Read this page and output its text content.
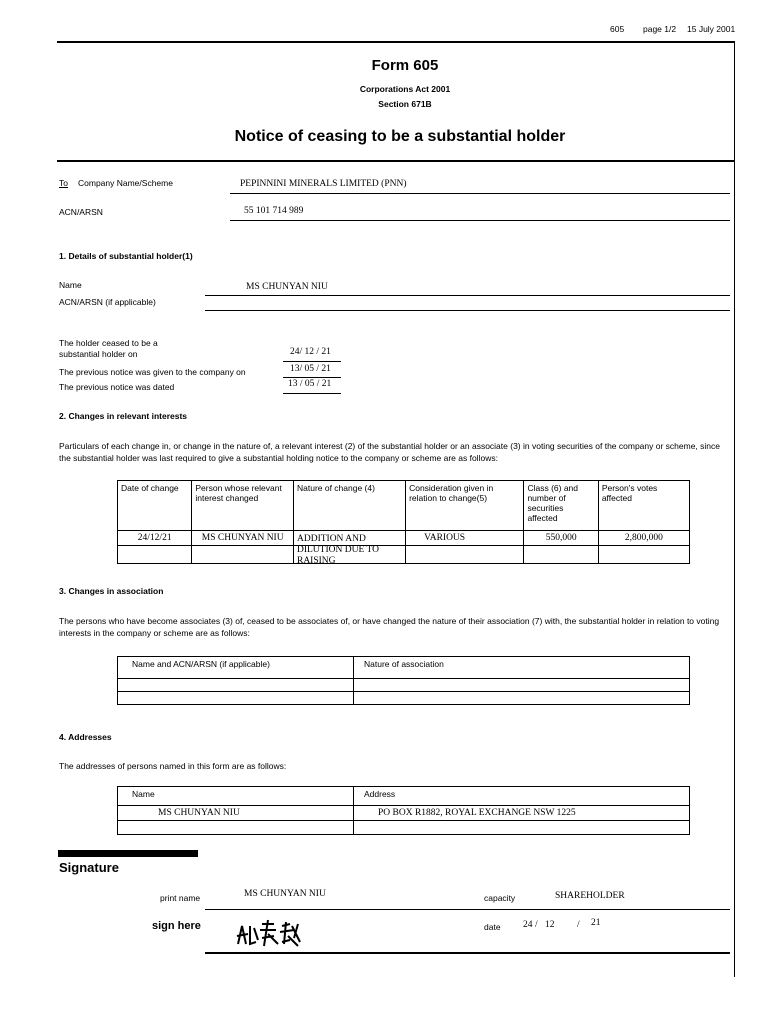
605 page 1/2 15 July 2001
Form 605
Corporations Act 2001
Section 671B
Notice of ceasing to be a substantial holder
To Company Name/Scheme	PEPINNINI MINERALS LIMITED (PNN)
ACN/ARSN	55 101 714 989
1. Details of substantial holder(1)
Name	MS CHUNYAN NIU
ACN/ARSN (if applicable)
The holder ceased to be a
substantial holder on	24/ 12 / 21
The previous notice was given to the company on	13/ 05 / 21
The previous notice was dated	13 / 05 / 21
2. Changes in relevant interests
Particulars of each change in, or change in the nature of, a relevant interest (2) of the substantial holder or an associate (3) in voting securities of the company or scheme, since the substantial holder was last required to give a substantial holding notice to the company or scheme are as follows:
Date of change	Person whose relevant interest changed	Nature of change (4)	Consideration given in relation to change(5)	Class (6) and number of securities affected	Person's votes affected
24/12/21	MS CHUNYAN NIU	ADDITION AND DILUTION DUE TO RAISING	VARIOUS	550,000	2,800,000

3. Changes in association
The persons who have become associates (3) of, ceased to be associates of, or have changed the nature of their association (7) with, the substantial holder in relation to voting interests in the company or scheme are as follows:
Name and ACN/ARSN (if applicable)	Nature of association

4. Addresses
The addresses of persons named in this form are as follows:
Name	Address
MS CHUNYAN NIU	PO BOX R1882, ROYAL EXCHANGE NSW 1225

Signature
print name	MS CHUNYAN NIU	capacity	SHAREHOLDER
sign here	date 24 / 12 / 21
